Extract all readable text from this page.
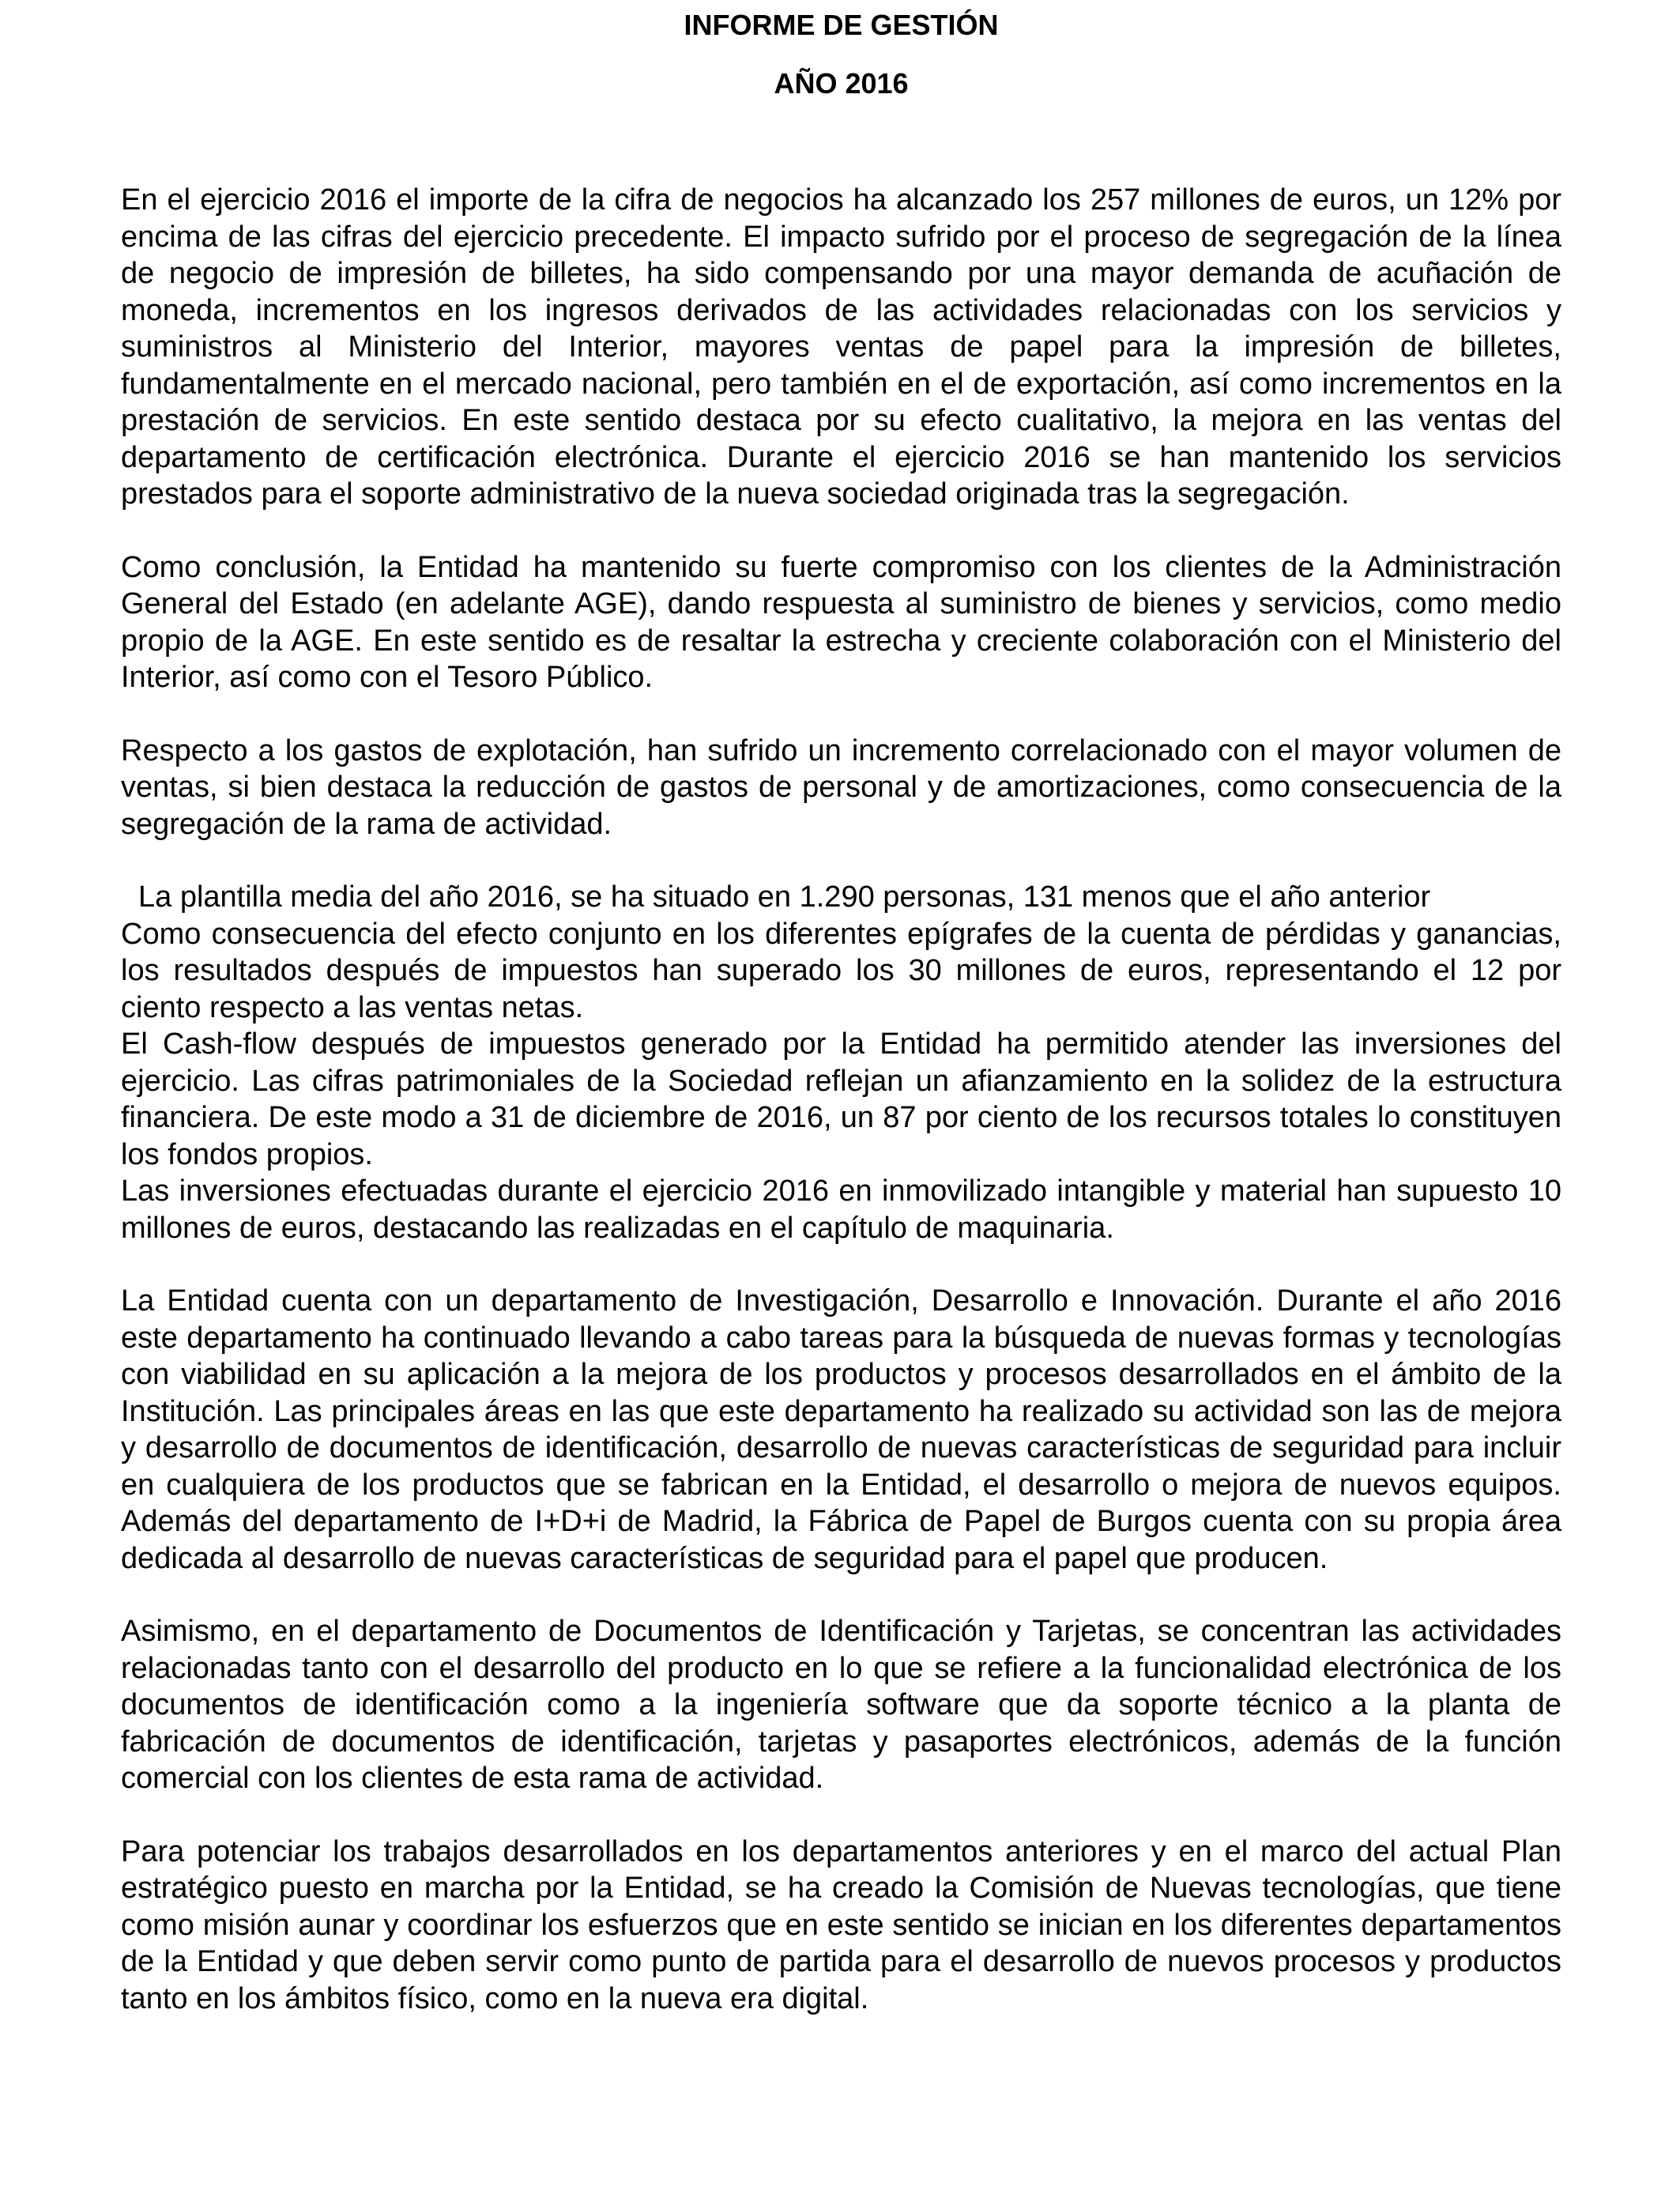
INFORME DE GESTIÓN
AÑO 2016

En el ejercicio 2016 el importe de la cifra de negocios ha alcanzado los 257 millones de euros, un 12% por encima de las cifras del ejercicio precedente. El impacto sufrido por el proceso de segregación de la línea de negocio de impresión de billetes, ha sido compensando por una mayor demanda de acuñación de moneda, incrementos en los ingresos derivados de las actividades relacionadas con los servicios y suministros al Ministerio del Interior, mayores ventas de papel para la impresión de billetes, fundamentalmente en el mercado nacional, pero también en el de exportación, así como incrementos en la prestación de servicios. En este sentido destaca por su efecto cualitativo, la mejora en las ventas del departamento de certificación electrónica. Durante el ejercicio 2016 se han mantenido los servicios prestados para el soporte administrativo de la nueva sociedad originada tras la segregación.

Como conclusión, la Entidad ha mantenido su fuerte compromiso con los clientes de la Administración General del Estado (en adelante AGE), dando respuesta al suministro de bienes y servicios, como medio propio de la AGE. En este sentido es de resaltar la estrecha y creciente colaboración con el Ministerio del Interior, así como con el Tesoro Público.

Respecto a los gastos de explotación, han sufrido un incremento correlacionado con el mayor volumen de ventas, si bien destaca la reducción de gastos de personal y de amortizaciones, como consecuencia de la segregación de la rama de actividad.

La plantilla media del año 2016, se ha situado en 1.290 personas, 131 menos que el año anterior

Como consecuencia del efecto conjunto en los diferentes epígrafes de la cuenta de pérdidas y ganancias, los resultados después de impuestos han superado los 30 millones de euros, representando el 12 por ciento respecto a las ventas netas.

El Cash-flow después de impuestos generado por la Entidad ha permitido atender las inversiones del ejercicio. Las cifras patrimoniales de la Sociedad reflejan un afianzamiento en la solidez de la estructura financiera. De este modo a 31 de diciembre de 2016, un 87 por ciento de los recursos totales lo constituyen los fondos propios.

Las inversiones efectuadas durante el ejercicio 2016 en inmovilizado intangible y material han supuesto 10 millones de euros, destacando las realizadas en el capítulo de maquinaria.

La Entidad cuenta con un departamento de Investigación, Desarrollo e Innovación. Durante el año 2016 este departamento ha continuado llevando a cabo tareas para la búsqueda de nuevas formas y tecnologías con viabilidad en su aplicación a la mejora de los productos y procesos desarrollados en el ámbito de la Institución. Las principales áreas en las que este departamento ha realizado su actividad son las de mejora y desarrollo de documentos de identificación, desarrollo de nuevas características de seguridad para incluir en cualquiera de los productos que se fabrican en la Entidad, el desarrollo o mejora de nuevos equipos. Además del departamento de I+D+i de Madrid, la Fábrica de Papel de Burgos cuenta con su propia área dedicada al desarrollo de nuevas características de seguridad para el papel que producen.

Asimismo, en el departamento de Documentos de Identificación y Tarjetas, se concentran las actividades relacionadas tanto con el desarrollo del producto en lo que se refiere a la funcionalidad electrónica de los documentos de identificación como a la ingeniería software que da soporte técnico a la planta de fabricación de documentos de identificación, tarjetas y pasaportes electrónicos, además de la función comercial con los clientes de esta rama de actividad.

Para potenciar los trabajos desarrollados en los departamentos anteriores y en el marco del actual Plan estratégico puesto en marcha por la Entidad, se ha creado la Comisión de Nuevas tecnologías, que tiene como misión aunar y coordinar los esfuerzos que en este sentido se inician en los diferentes departamentos de la Entidad y que deben servir como punto de partida para el desarrollo de nuevos procesos y productos tanto en los ámbitos físico, como en la nueva era digital.
